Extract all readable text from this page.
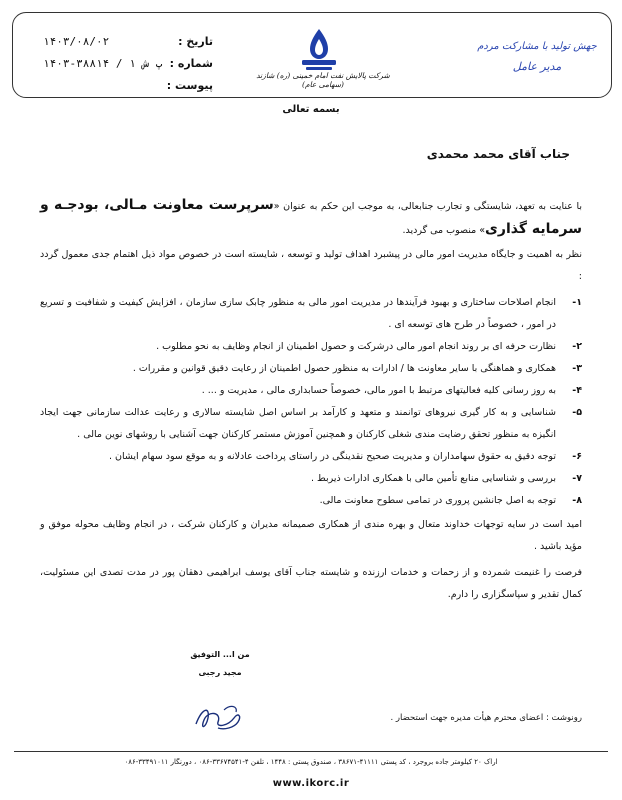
تاریخ :
۱۴۰۳/۰۸/۰۲
شماره :
پ ش ۱ / ۳۸۸۱۴-۱۴۰۳
پیوست :
شرکت پالایش نفت امام خمینی (ره) شازند (سهامی عام)
جهش تولید با مشارکت مردم
مدیر عامل
بسمه تعالی
جناب آقای محمد محمدی
با عنایت به تعهد، شایستگی و تجارب جنابعالی، به موجب این حکم به عنوان «سرپرست معاونت مـالی، بودجـه و سرمایه گذاری» منصوب می گردید.
نظر به اهمیت و جایگاه مدیریت امور مالی در پیشبرد اهداف تولید و توسعه ، شایسته است در خصوص مواد ذیل اهتمام جدی معمول گردد :
۱-
انجام اصلاحات ساختاری و بهبود فرآیندها در مدیریت امور مالی به منظور چابک سازی سازمان ، افزایش کیفیت و شفافیت و تسریع در امور ، خصوصاً در طرح های توسعه ای .
۲-
نظارت حرفه ای بر روند انجام امور مالی درشرکت و حصول اطمینان از انجام وظایف به نحو مطلوب .
۳-
همکاری و هماهنگی با سایر معاونت ها / ادارات به منظور حصول اطمینان از رعایت دقیق قوانین و مقررات .
۴-
به روز رسانی کلیه فعالیتهای مرتبط با امور مالی، خصوصاً حسابداری مالی ، مدیریت و ... .
۵-
شناسایی و به کار گیری نیروهای توانمند و متعهد و کارآمد بر اساس اصل شایسته سالاری و رعایت عدالت سازمانی جهت ایجاد انگیزه به منظور تحقق رضایت مندی شغلی کارکنان و همچنین آموزش مستمر کارکنان جهت آشنایی با روشهای نوین مالی .
۶-
توجه دقیق به حقوق سهامداران و مدیریت صحیح نقدینگی در راستای پرداخت عادلانه و به موقع سود سهام ایشان .
۷-
بررسی و شناسایی منابع تأمین مالی با همکاری ادارات ذیربط .
۸-
توجه به اصل جانشین پروری در تمامی سطوح معاونت مالی.
امید است در سایه توجهات خداوند متعال و بهره مندی از همکاری صمیمانه مدیران و کارکنان شرکت ، در انجام وظایف محوله موفق و مؤید باشید .
فرصت را غنیمت شمرده و از زحمات و خدمات ارزنده و شایسته جناب آقای یوسف ابراهیمی دهقان پور در مدت تصدی این مسئولیت، کمال تقدیر و سپاسگزاری را دارم.
من ا... التوفیق
مجید رجبی
رونوشت : اعضای محترم هیأت مدیره جهت استحضار .
اراک ۲۰ کیلومتر جاده بروجرد ، کد پستی ۴۱۱۱۱-۳۸۶۷۱ ، صندوق پستی : ۱۴۴۸ ، تلفن ۴-۳۳۶۷۴۵۴۱-۰۸۶ ، دورنگار ۳۳۴۹۱۰۱۱-۰۸۶
www.ikorc.ir
